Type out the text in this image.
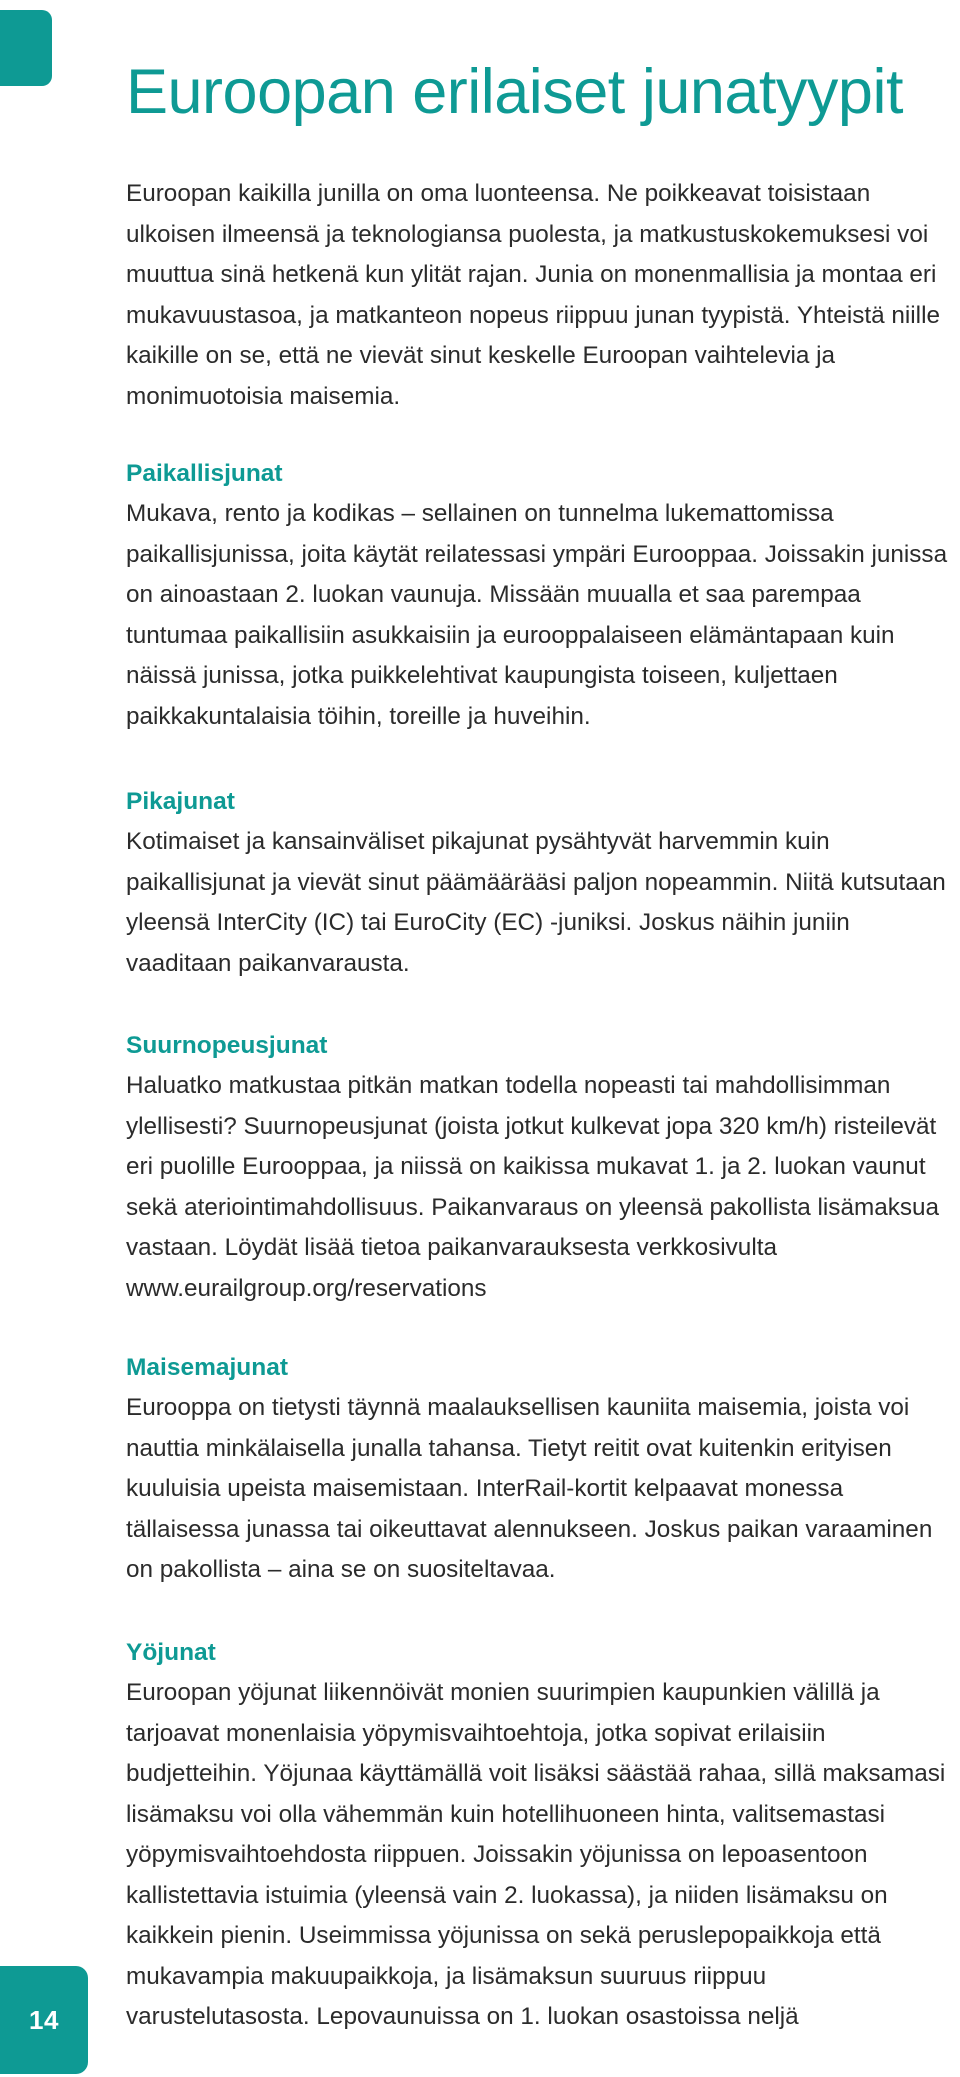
Euroopan erilaiset junatyypit

Euroopan kaikilla junilla on oma luonteensa. Ne poikkeavat toisistaan ulkoisen ilmeensä ja teknologiansa puolesta, ja matkustuskokemuksesi voi muuttua sinä hetkenä kun ylität rajan. Junia on monenmallisia ja montaa eri mukavuustasoa, ja matkanteon nopeus riippuu junan tyypistä. Yhteistä niille kaikille on se, että ne vievät sinut keskelle Euroopan vaihtelevia ja monimuotoisia maisemia.

Paikallisjunat

Mukava, rento ja kodikas – sellainen on tunnelma lukemattomissa paikallisjunissa, joita käytät reilatessasi ympäri Eurooppaa. Joissakin junissa on ainoastaan 2. luokan vaunuja. Missään muualla et saa parempaa tuntumaa paikallisiin asukkaisiin ja eurooppalaiseen elämäntapaan kuin näissä junissa, jotka puikkelehtivat kaupungista toiseen, kuljettaen paikkakuntalaisia töihin, toreille ja huveihin.

Pikajunat

Kotimaiset ja kansainväliset pikajunat pysähtyvät harvemmin kuin paikallisjunat ja vievät sinut päämäärääsi paljon nopeammin. Niitä kutsutaan yleensä InterCity (IC) tai EuroCity (EC) -juniksi. Joskus näihin juniin vaaditaan paikanvarausta.

Suurnopeusjunat

Haluatko matkustaa pitkän matkan todella nopeasti tai mahdollisimman ylellisesti? Suurnopeusjunat (joista jotkut kulkevat jopa 320 km/h) risteilevät eri puolille Eurooppaa, ja niissä on kaikissa mukavat 1. ja 2. luokan vaunut sekä ateriointimahdollisuus. Paikanvaraus on yleensä pakollista lisämaksua vastaan. Löydät lisää tietoa paikanvarauksesta verkkosivulta www.eurailgroup.org/reservations

Maisemajunat

Eurooppa on tietysti täynnä maalauksellisen kauniita maisemia, joista voi nauttia minkälaisella junalla tahansa. Tietyt reitit ovat kuitenkin erityisen kuuluisia upeista maisemistaan. InterRail-kortit kelpaavat monessa tällaisessa junassa tai oikeuttavat alennukseen. Joskus paikan varaaminen on pakollista – aina se on suositeltavaa.

Yöjunat

Euroopan yöjunat liikennöivät monien suurimpien kaupunkien välillä ja tarjoavat monenlaisia yöpymisvaihtoehtoja, jotka sopivat erilaisiin budjetteihin. Yöjunaa käyttämällä voit lisäksi säästää rahaa, sillä maksamasi lisämaksu voi olla vähemmän kuin hotellihuoneen hinta, valitsemastasi yöpymisvaihtoehdosta riippuen. Joissakin yöjunissa on lepoasentoon kallistettavia istuimia (yleensä vain 2. luokassa), ja niiden lisämaksu on kaikkein pienin. Useimmissa yöjunissa on sekä peruslepopaikkoja että mukavampia makuupaikkoja, ja lisämaksun suuruus riippuu varustelutasosta. Lepovaunuissa on 1. luokan osastoissa neljä

14
